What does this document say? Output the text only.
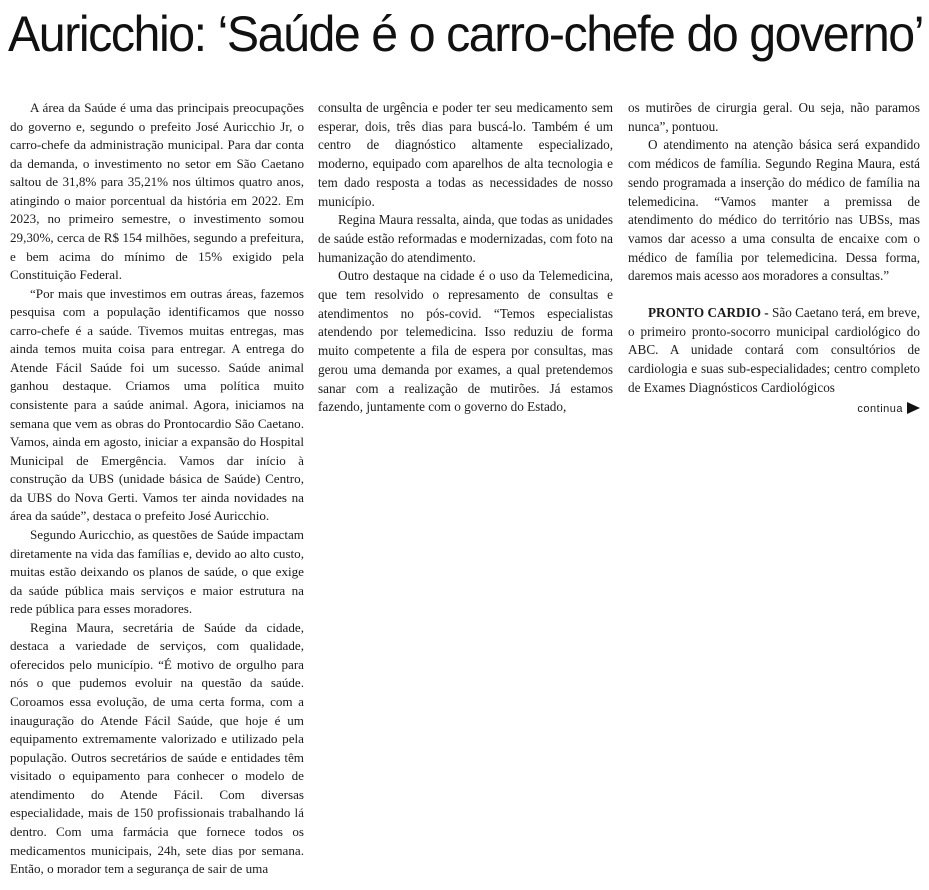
Auricchio: ‘Saúde é o carro-chefe do governo’

A área da Saúde é uma das principais preocupações do governo e, segundo o prefeito José Auricchio Jr, o carro-chefe da administração municipal. Para dar conta da demanda, o investimento no setor em São Caetano saltou de 31,8% para 35,21% nos últimos quatro anos, atingindo o maior porcentual da história em 2022. Em 2023, no primeiro semestre, o investimento somou 29,30%, cerca de R$ 154 milhões, segundo a prefeitura, e bem acima do mínimo de 15% exigido pela Constituição Federal.

“Por mais que investimos em outras áreas, fazemos pesquisa com a população identificamos que nosso carro-chefe é a saúde. Tivemos muitas entregas, mas ainda temos muita coisa para entregar. A entrega do Atende Fácil Saúde foi um sucesso. Saúde animal ganhou destaque. Criamos uma política muito consistente para a saúde animal. Agora, iniciamos na semana que vem as obras do Prontocardio São Caetano. Vamos, ainda em agosto, iniciar a expansão do Hospital Municipal de Emergência. Vamos dar início à construção da UBS (unidade básica de Saúde) Centro, da UBS do Nova Gerti. Vamos ter ainda novidades na área da saúde”, destaca o prefeito José Auricchio.

Segundo Auricchio, as questões de Saúde impactam diretamente na vida das famílias e, devido ao alto custo, muitas estão deixando os planos de saúde, o que exige da saúde pública mais serviços e maior estrutura na rede pública para esses moradores.

Regina Maura, secretária de Saúde da cidade, destaca a variedade de serviços, com qualidade, oferecidos pelo município. “É motivo de orgulho para nós o que pudemos evoluir na questão da saúde. Coroamos essa evolução, de uma certa forma, com a inauguração do Atende Fácil Saúde, que hoje é um equipamento extremamente valorizado e utilizado pela população. Outros secretários de saúde e entidades têm visitado o equipamento para conhecer o modelo de atendimento do Atende Fácil. Com diversas especialidade, mais de 150 profissionais trabalhando lá dentro. Com uma farmácia que fornece todos os medicamentos municipais, 24h, sete dias por semana. Então, o morador tem a segurança de sair de uma

consulta de urgência e poder ter seu medicamento sem esperar, dois, três dias para buscá-lo. Também é um centro de diagnóstico altamente especializado, moderno, equipado com aparelhos de alta tecnologia e tem dado resposta a todas as necessidades de nosso município.

Regina Maura ressalta, ainda, que todas as unidades de saúde estão reformadas e modernizadas, com foto na humanização do atendimento.

Outro destaque na cidade é o uso da Telemedicina, que tem resolvido o represamento de consultas e atendimentos no pós-covid. “Temos especialistas atendendo por telemedicina. Isso reduziu de forma muito competente a fila de espera por consultas, mas gerou uma demanda por exames, a qual pretendemos sanar com a realização de mutirões. Já estamos fazendo, juntamente com o governo do Estado,

os mutirões de cirurgia geral. Ou seja, não paramos nunca”, pontuou.

O atendimento na atenção básica será expandido com médicos de família. Segundo Regina Maura, está sendo programada a inserção do médico de família na telemedicina. “Vamos manter a premissa de atendimento do médico do território nas UBSs, mas vamos dar acesso a uma consulta de encaixe com o médico de família por telemedicina. Dessa forma, daremos mais acesso aos moradores a consultas.”

PRONTO CARDIO - São Caetano terá, em breve, o primeiro pronto-socorro municipal cardiológico do ABC. A unidade contará com consultórios de cardiologia e suas sub-especialidades; centro completo de Exames Diagnósticos Cardiológicos

continua
